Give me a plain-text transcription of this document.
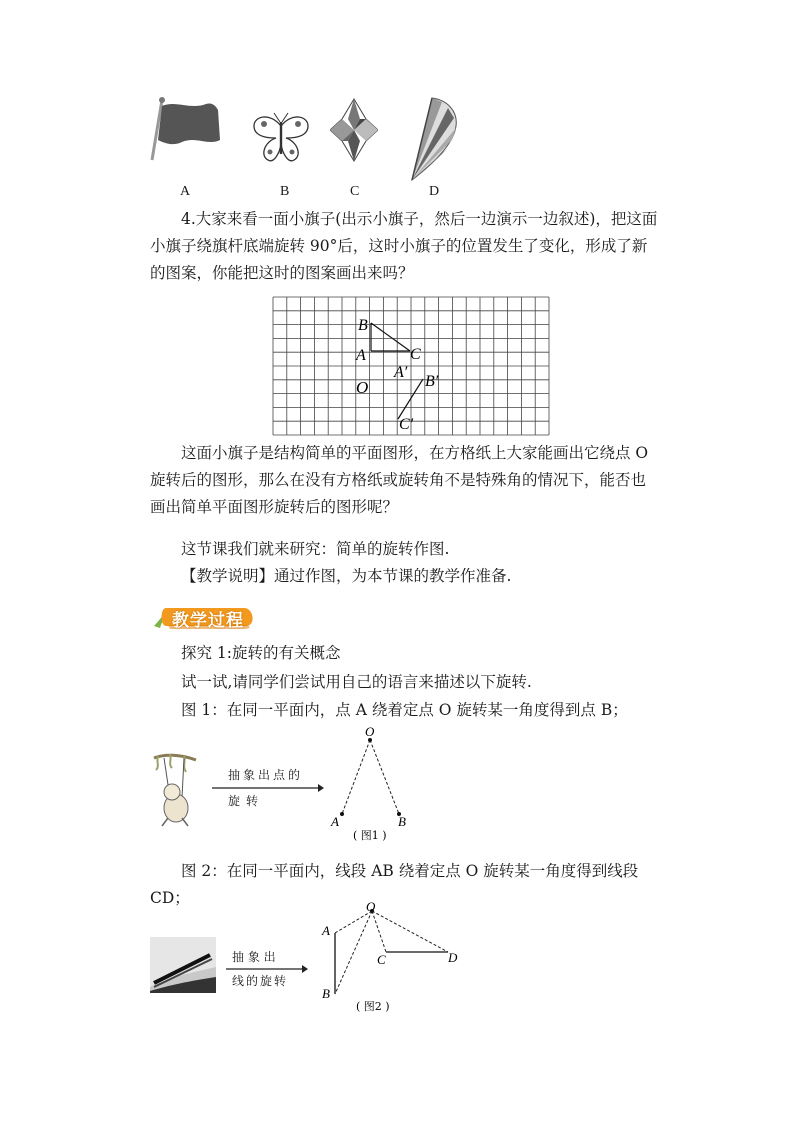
A	B	C	D
4.大家来看一面小旗子(出示小旗子，然后一边演示一边叙述)，把这面小旗子绕旗杆底端旋转 90°后，这时小旗子的位置发生了变化，形成了新的图案，你能把这时的图案画出来吗？
B
A	C
A′
B′
O
C′
这面小旗子是结构简单的平面图形，在方格纸上大家能画出它绕点 O 旋转后的图形，那么在没有方格纸或旋转角不是特殊角的情况下，能否也画出简单平面图形旋转后的图形呢？
这节课我们就来研究：简单的旋转作图.
【教学说明】通过作图，为本节课的教学作准备.
教学过程
探究 1:旋转的有关概念
试一试,请同学们尝试用自己的语言来描述以下旋转.
图 1：在同一平面内，点 A 绕着定点 O 旋转某一角度得到点 B；
抽象出点的
旋转
O
A	B
( 图1 )
图 2：在同一平面内，线段 AB 绕着定点 O 旋转某一角度得到线段 CD；
抽 象 出
线的旋转
O
A
B
C	D
( 图2 )
